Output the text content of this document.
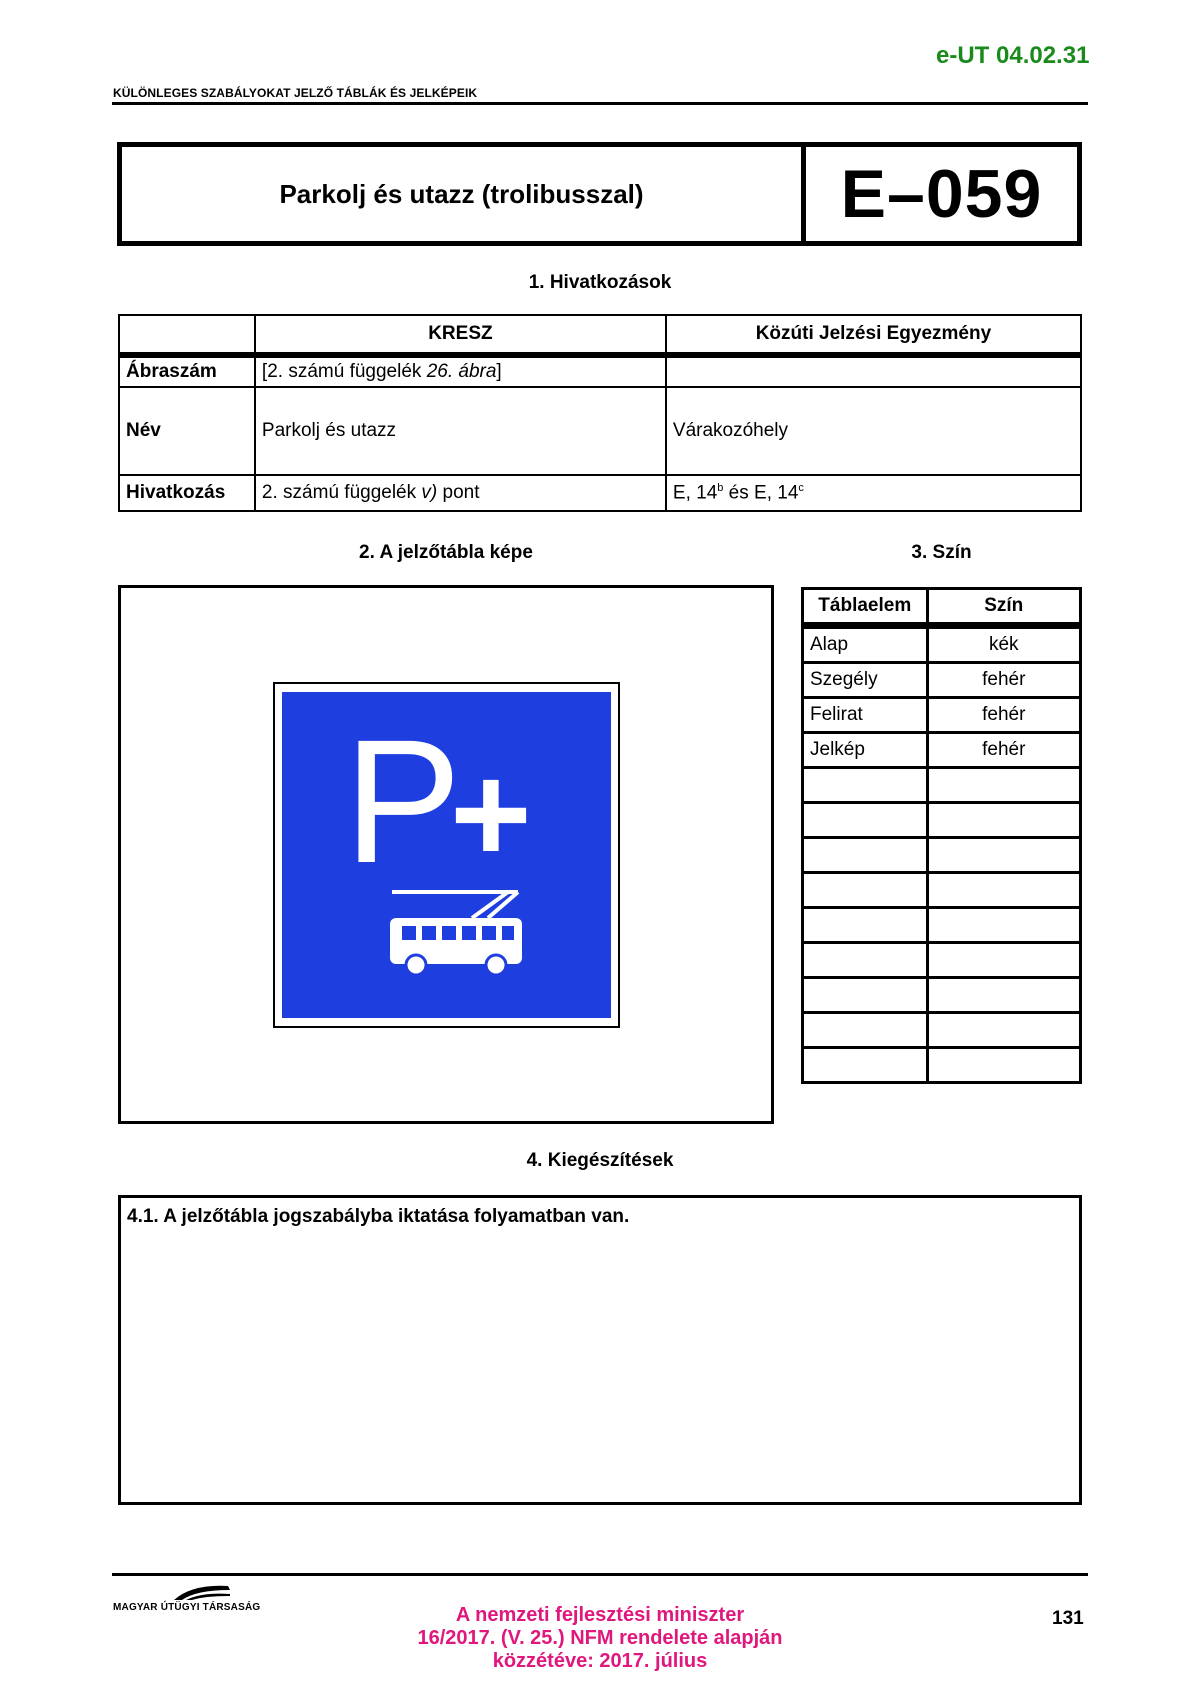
e-UT 04.02.31
KÜLÖNLEGES SZABÁLYOKAT JELZŐ TÁBLÁK ÉS JELKÉPEIK
Parkolj és utazz (trolibusszal)	E–059
1. Hivatkozások
	KRESZ	Közúti Jelzési Egyezmény
Ábraszám	[2. számú függelék 26. ábra]	
Név	Parkolj és utazz	Várakozóhely
Hivatkozás	2. számú függelék v) pont	E, 14$^b$ és E, 14$^c$
2. A jelzőtábla képe	3. Szín
P
+
Táblaelem	Szín
Alap	kék
Szegély	fehér
Felirat	fehér
Jelkép	fehér

4. Kiegészítések
4.1. A jelzőtábla jogszabályba iktatása folyamatban van.
MAGYAR ÚTÜGYI TÁRSASÁG	A nemzeti fejlesztési miniszter
16/2017. (V. 25.) NFM rendelete alapján
közzétéve: 2017. július
131
